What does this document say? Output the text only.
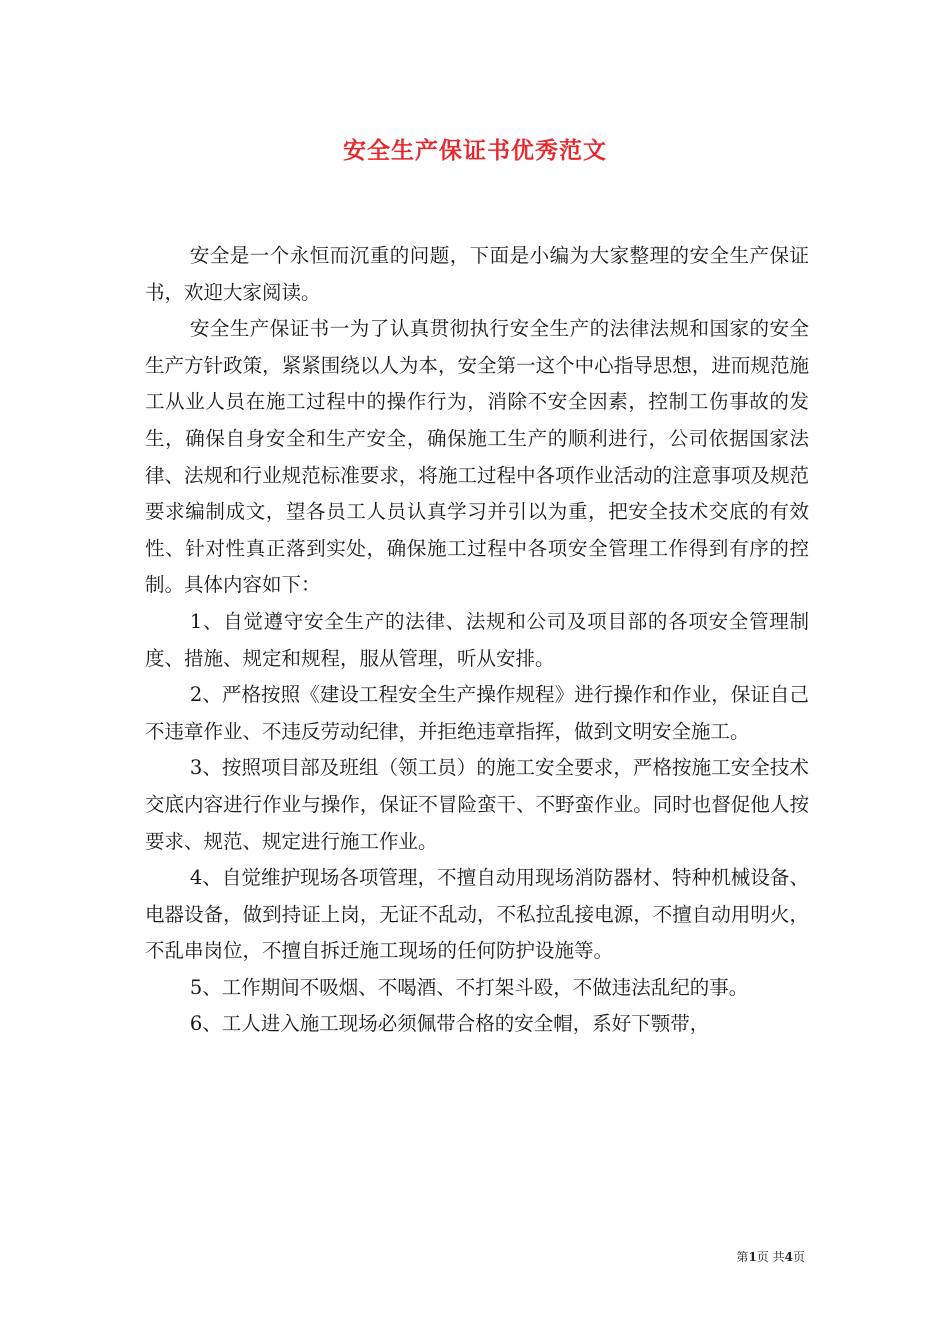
安全生产保证书优秀范文

安全是一个永恒而沉重的问题，下面是小编为大家整理的安全生产保证书，欢迎大家阅读。

安全生产保证书一为了认真贯彻执行安全生产的法律法规和国家的安全生产方针政策，紧紧围绕以人为本，安全第一这个中心指导思想，进而规范施工从业人员在施工过程中的操作行为，消除不安全因素，控制工伤事故的发生，确保自身安全和生产安全，确保施工生产的顺利进行，公司依据国家法律、法规和行业规范标准要求，将施工过程中各项作业活动的注意事项及规范要求编制成文，望各员工人员认真学习并引以为重，把安全技术交底的有效性、针对性真正落到实处，确保施工过程中各项安全管理工作得到有序的控制。具体内容如下：

1、自觉遵守安全生产的法律、法规和公司及项目部的各项安全管理制度、措施、规定和规程，服从管理，听从安排。

2、严格按照《建设工程安全生产操作规程》进行操作和作业，保证自己不违章作业、不违反劳动纪律，并拒绝违章指挥，做到文明安全施工。

3、按照项目部及班组（领工员）的施工安全要求，严格按施工安全技术交底内容进行作业与操作，保证不冒险蛮干、不野蛮作业。同时也督促他人按要求、规范、规定进行施工作业。

4、自觉维护现场各项管理，不擅自动用现场消防器材、特种机械设备、电器设备，做到持证上岗，无证不乱动，不私拉乱接电源，不擅自动用明火，不乱串岗位，不擅自拆迁施工现场的任何防护设施等。

5、工作期间不吸烟、不喝酒、不打架斗殴，不做违法乱纪的事。

6、工人进入施工现场必须佩带合格的安全帽，系好下颚带，

第1页 共4页
